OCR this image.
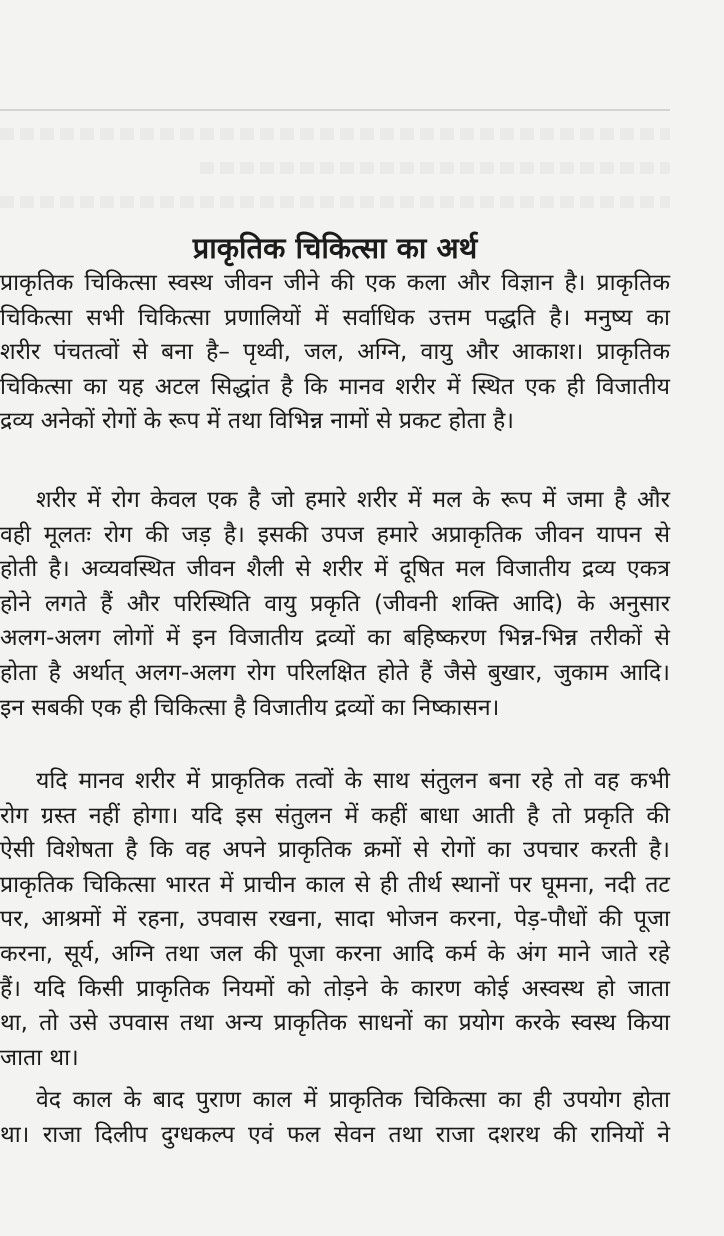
प्राकृतिक चिकित्सा का अर्थ
प्राकृतिक चिकित्सा स्वस्थ जीवन जीने की एक कला और विज्ञान है। प्राकृतिक
चिकित्सा सभी चिकित्सा प्रणालियों में सर्वाधिक उत्तम पद्धति है। मनुष्य का
शरीर पंचतत्वों से बना है– पृथ्वी, जल, अग्नि, वायु और आकाश। प्राकृतिक
चिकित्सा का यह अटल सिद्धांत है कि मानव शरीर में स्थित एक ही विजातीय
द्रव्य अनेकों रोगों के रूप में तथा विभिन्न नामों से प्रकट होता है।
शरीर में रोग केवल एक है जो हमारे शरीर में मल के रूप में जमा है और
वही मूलतः रोग की जड़ है। इसकी उपज हमारे अप्राकृतिक जीवन यापन से
होती है। अव्यवस्थित जीवन शैली से शरीर में दूषित मल विजातीय द्रव्य एकत्र
होने लगते हैं और परिस्थिति वायु प्रकृति (जीवनी शक्ति आदि) के अनुसार
अलग-अलग लोगों में इन विजातीय द्रव्यों का बहिष्करण भिन्न-भिन्न तरीकों से
होता है अर्थात् अलग-अलग रोग परिलक्षित होते हैं जैसे बुखार, जुकाम आदि।
इन सबकी एक ही चिकित्सा है विजातीय द्रव्यों का निष्कासन।
यदि मानव शरीर में प्राकृतिक तत्वों के साथ संतुलन बना रहे तो वह कभी
रोग ग्रस्त नहीं होगा। यदि इस संतुलन में कहीं बाधा आती है तो प्रकृति की
ऐसी विशेषता है कि वह अपने प्राकृतिक क्रमों से रोगों का उपचार करती है।
प्राकृतिक चिकित्सा भारत में प्राचीन काल से ही तीर्थ स्थानों पर घूमना, नदी तट
पर, आश्रमों में रहना, उपवास रखना, सादा भोजन करना, पेड़-पौधों की पूजा
करना, सूर्य, अग्नि तथा जल की पूजा करना आदि कर्म के अंग माने जाते रहे
हैं। यदि किसी प्राकृतिक नियमों को तोड़ने के कारण कोई अस्वस्थ हो जाता
था, तो उसे उपवास तथा अन्य प्राकृतिक साधनों का प्रयोग करके स्वस्थ किया
जाता था।
वेद काल के बाद पुराण काल में प्राकृतिक चिकित्सा का ही उपयोग होता
था। राजा दिलीप दुग्धकल्प एवं फल सेवन तथा राजा दशरथ की रानियों ने
